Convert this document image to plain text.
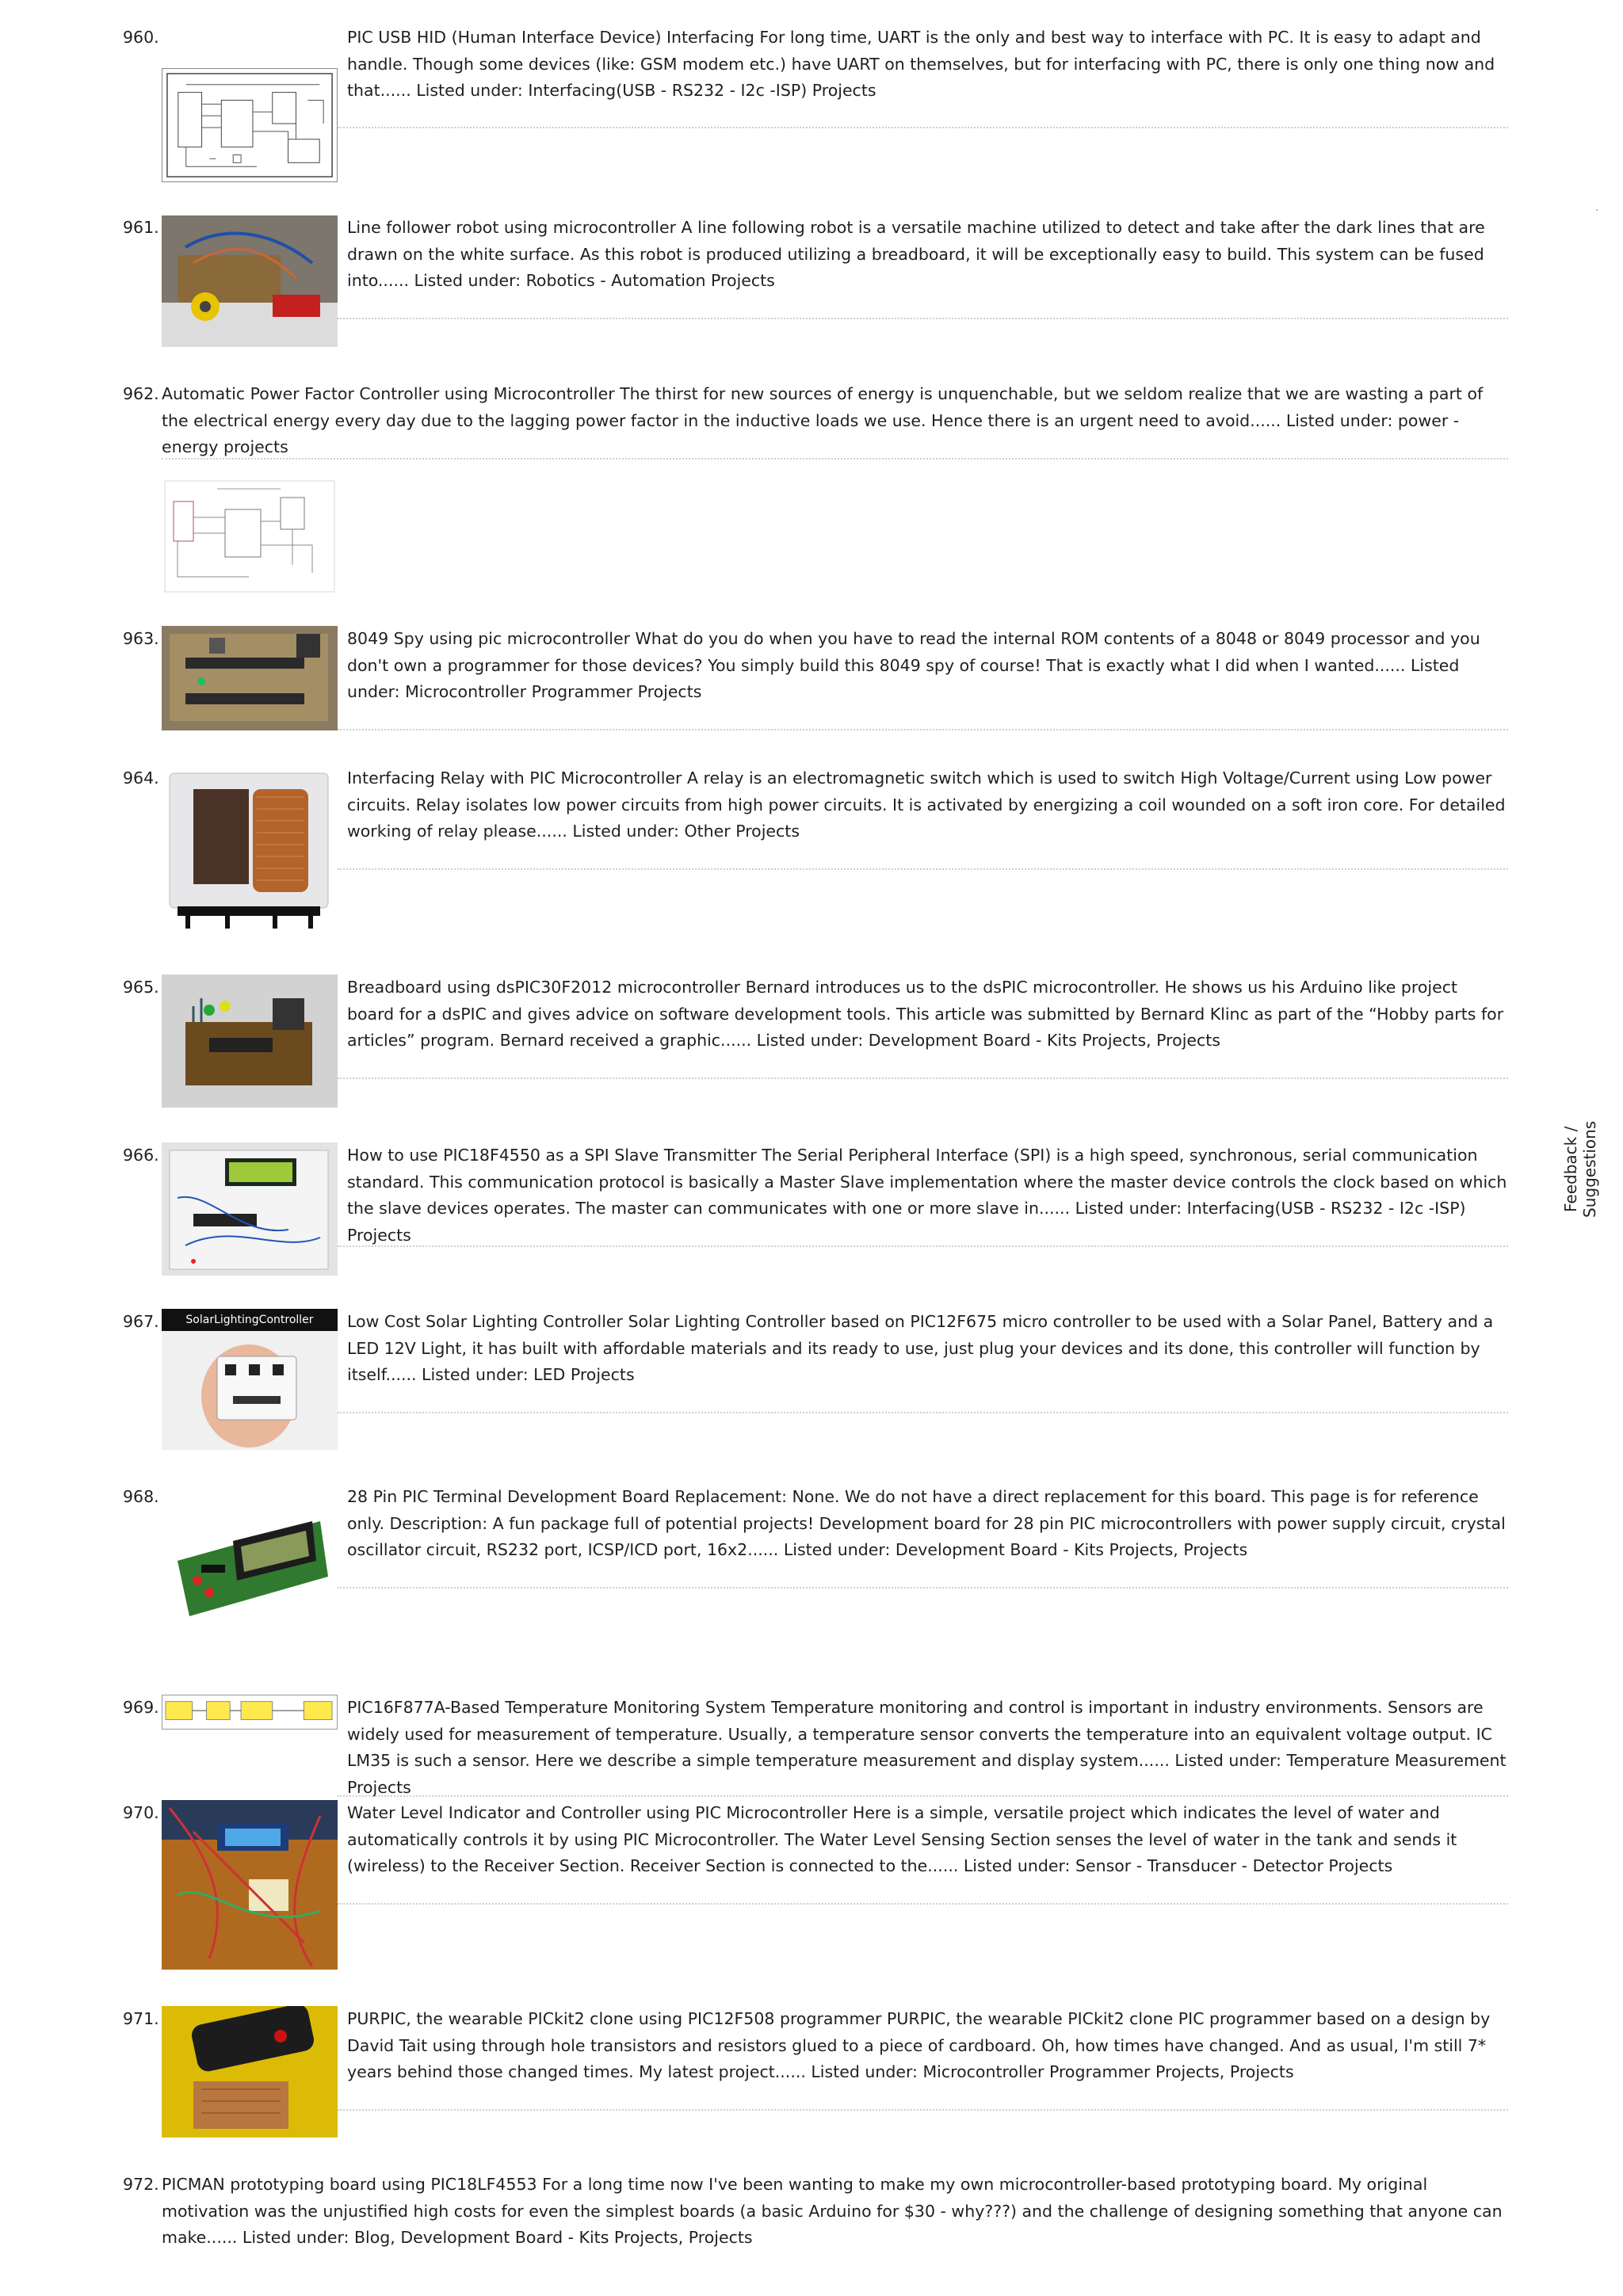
960.	PIC USB HID (Human Interface Device) Interfacing For long time, UART is the only and best way to interface with PC. It is easy to adapt and handle. Though some devices (like: GSM modem etc.) have UART on themselves, but for interfacing with PC, there is only one thing now and that...... Listed under: Interfacing(USB - RS232 - I2c -ISP) Projects

961.	Line follower robot using microcontroller A line following robot is a versatile machine utilized to detect and take after the dark lines that are drawn on the white surface. As this robot is produced utilizing a breadboard, it will be exceptionally easy to build. This system can be fused into...... Listed under: Robotics - Automation Projects

962. Automatic Power Factor Controller using Microcontroller The thirst for new sources of energy is unquenchable, but we seldom realize that we are wasting a part of the electrical energy every day due to the lagging power factor in the inductive loads we use. Hence there is an urgent need to avoid...... Listed under: power - energy projects

963.	8049 Spy using pic microcontroller What do you do when you have to read the internal ROM contents of a 8048 or 8049 processor and you don't own a programmer for those devices? You simply build this 8049 spy of course! That is exactly what I did when I wanted...... Listed under: Microcontroller Programmer Projects

964.	Interfacing Relay with PIC Microcontroller A relay is an electromagnetic switch which is used to switch High Voltage/Current using Low power circuits. Relay isolates low power circuits from high power circuits. It is activated by energizing a coil wounded on a soft iron core. For detailed working of relay please...... Listed under: Other Projects

965.	Breadboard using dsPIC30F2012 microcontroller Bernard introduces us to the dsPIC microcontroller. He shows us his Arduino like project board for a dsPIC and gives advice on software development tools. This article was submitted by Bernard Klinc as part of the “Hobby parts for articles” program. Bernard received a graphic...... Listed under: Development Board - Kits Projects, Projects

966.	How to use PIC18F4550 as a SPI Slave Transmitter The Serial Peripheral Interface (SPI) is a high speed, synchronous, serial communication standard. This communication protocol is basically a Master Slave implementation where the master device controls the clock based on which the slave devices operates. The master can communicates with one or more slave in...... Listed under: Interfacing(USB - RS232 - I2c -ISP) Projects

967.	SolarLightingController	Low Cost Solar Lighting Controller Solar Lighting Controller based on PIC12F675 micro controller to be used with a Solar Panel, Battery and a LED 12V Light, it has built with affordable materials and its ready to use, just plug your devices and its done, this controller will function by itself...... Listed under: LED Projects

968.	28 Pin PIC Terminal Development Board Replacement: None. We do not have a direct replacement for this board. This page is for reference only. Description: A fun package full of potential projects! Development board for 28 pin PIC microcontrollers with power supply circuit, crystal oscillator circuit, RS232 port, ICSP/ICD port, 16x2...... Listed under: Development Board - Kits Projects, Projects

969.	PIC16F877A-Based Temperature Monitoring System Temperature monitoring and control is important in industry environments. Sensors are widely used for measurement of temperature. Usually, a temperature sensor converts the temperature into an equivalent voltage output. IC LM35 is such a sensor. Here we describe a simple temperature measurement and display system...... Listed under: Temperature Measurement Projects

970.	Water Level Indicator and Controller using PIC Microcontroller Here is a simple, versatile project which indicates the level of water and automatically controls it by using PIC Microcontroller. The Water Level Sensing Section senses the level of water in the tank and sends it (wireless) to the Receiver Section. Receiver Section is connected to the...... Listed under: Sensor - Transducer - Detector Projects

971.	PURPIC, the wearable PICkit2 clone using PIC12F508 programmer PURPIC, the wearable PICkit2 clone PIC programmer based on a design by David Tait using through hole transistors and resistors glued to a piece of cardboard. Oh, how times have changed. And as usual, I'm still 7* years behind those changed times. My latest project...... Listed under: Microcontroller Programmer Projects, Projects

972. PICMAN prototyping board using PIC18LF4553 For a long time now I've been wanting to make my own microcontroller-based prototyping board. My original motivation was the unjustified high costs for even the simplest boards (a basic Arduino for $30 - why???) and the challenge of designing something that anyone can make...... Listed under: Blog, Development Board - Kits Projects, Projects

Feedback / Suggestions
